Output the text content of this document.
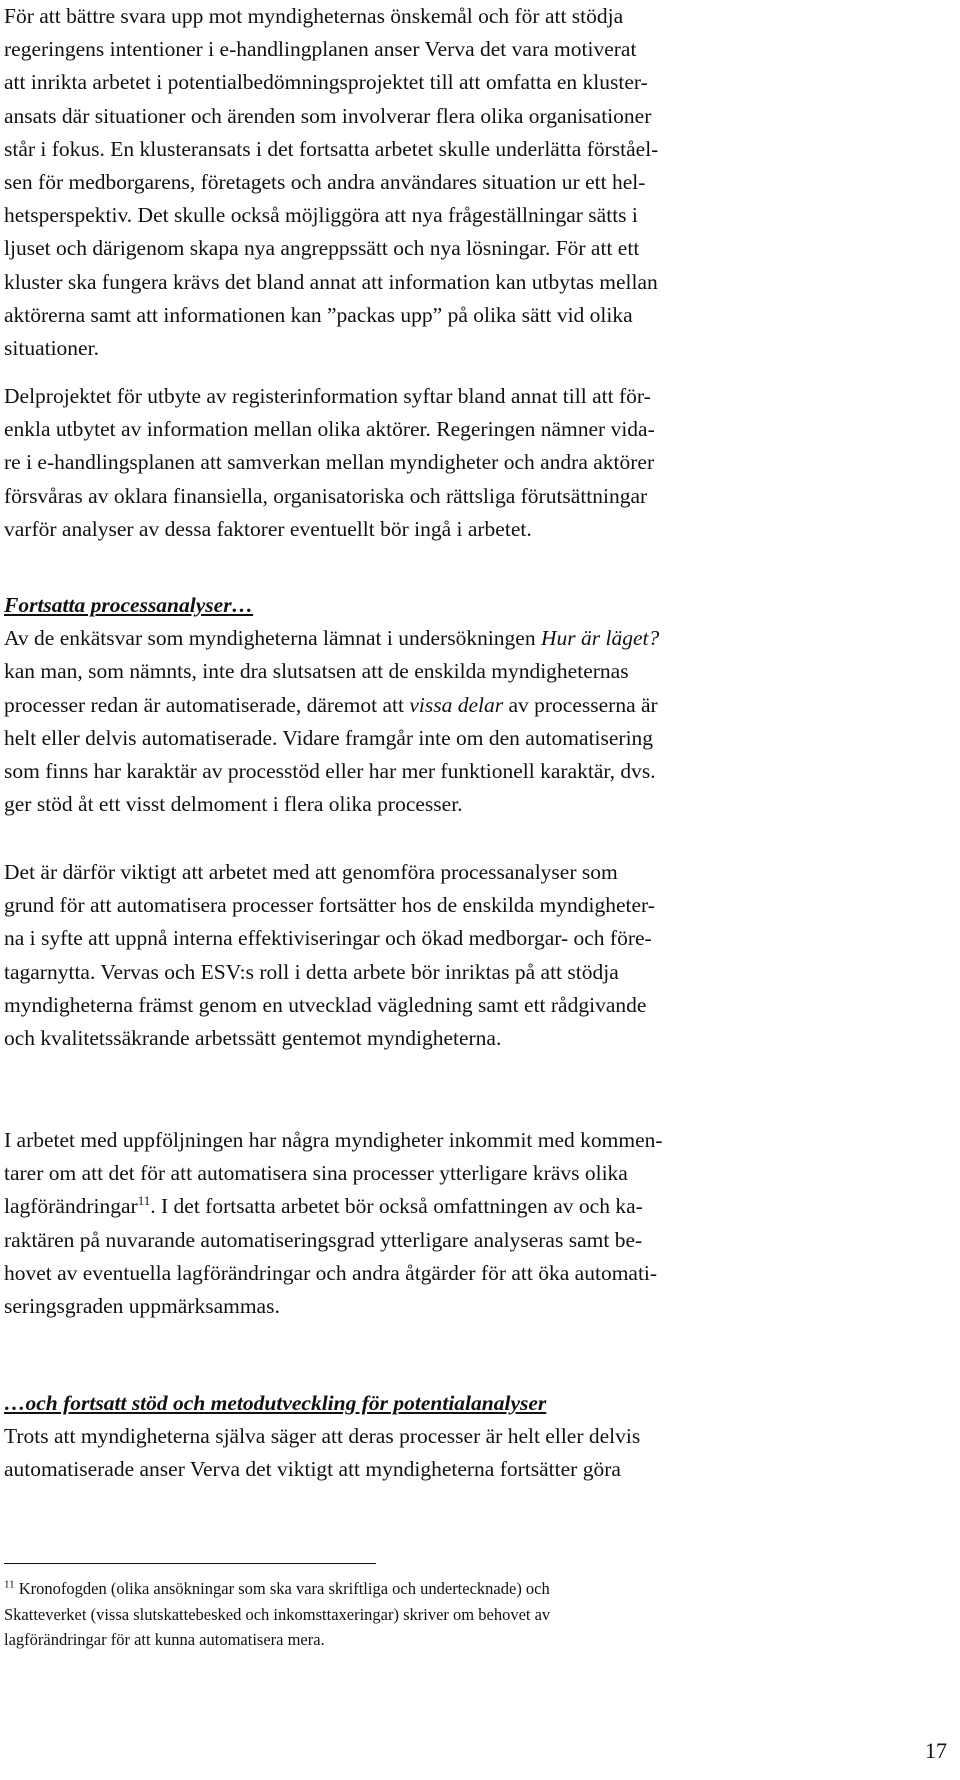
För att bättre svara upp mot myndigheternas önskemål och för att stödja
regeringens intentioner i e-handlingplanen anser Verva det vara motiverat
att inrikta arbetet i potentialbedömningsprojektet till att omfatta en kluster-
ansats där situationer och ärenden som involverar flera olika organisationer
står i fokus. En klusteransats i det fortsatta arbetet skulle underlätta förståel-
sen för medborgarens, företagets och andra användares situation ur ett hel-
hetsperspektiv. Det skulle också möjliggöra att nya frågeställningar sätts i
ljuset och därigenom skapa nya angreppssätt och nya lösningar. För att ett
kluster ska fungera krävs det bland annat att information kan utbytas mellan
aktörerna samt att informationen kan ”packas upp” på olika sätt vid olika
situationer.
Delprojektet för utbyte av registerinformation syftar bland annat till att för-
enkla utbytet av information mellan olika aktörer. Regeringen nämner vida-
re i e-handlingsplanen att samverkan mellan myndigheter och andra aktörer
försvåras av oklara finansiella, organisatoriska och rättsliga förutsättningar
varför analyser av dessa faktorer eventuellt bör ingå i arbetet.
Fortsatta processanalyser…
Av de enkätsvar som myndigheterna lämnat i undersökningen Hur är läget?
kan man, som nämnts, inte dra slutsatsen att de enskilda myndigheternas
processer redan är automatiserade, däremot att vissa delar av processerna är
helt eller delvis automatiserade. Vidare framgår inte om den automatisering
som finns har karaktär av processtöd eller har mer funktionell karaktär, dvs.
ger stöd åt ett visst delmoment i flera olika processer.
Det är därför viktigt att arbetet med att genomföra processanalyser som
grund för att automatisera processer fortsätter hos de enskilda myndigheter-
na i syfte att uppnå interna effektiviseringar och ökad medborgar- och före-
tagarnytta. Vervas och ESV:s roll i detta arbete bör inriktas på att stödja
myndigheterna främst genom en utvecklad vägledning samt ett rådgivande
och kvalitetssäkrande arbetssätt gentemot myndigheterna.
I arbetet med uppföljningen har några myndigheter inkommit med kommen-
tarer om att det för att automatisera sina processer ytterligare krävs olika
lagförändringar$^{11}$. I det fortsatta arbetet bör också omfattningen av och ka-
raktären på nuvarande automatiseringsgrad ytterligare analyseras samt be-
hovet av eventuella lagförändringar och andra åtgärder för att öka automati-
seringsgraden uppmärksammas.
…och fortsatt stöd och metodutveckling för potentialanalyser
Trots att myndigheterna själva säger att deras processer är helt eller delvis
automatiserade anser Verva det viktigt att myndigheterna fortsätter göra
$^{11}$ Kronofogden (olika ansökningar som ska vara skriftliga och undertecknade) och
Skatteverket (vissa slutskattebesked och inkomsttaxeringar) skriver om behovet av
lagförändringar för att kunna automatisera mera.
17
